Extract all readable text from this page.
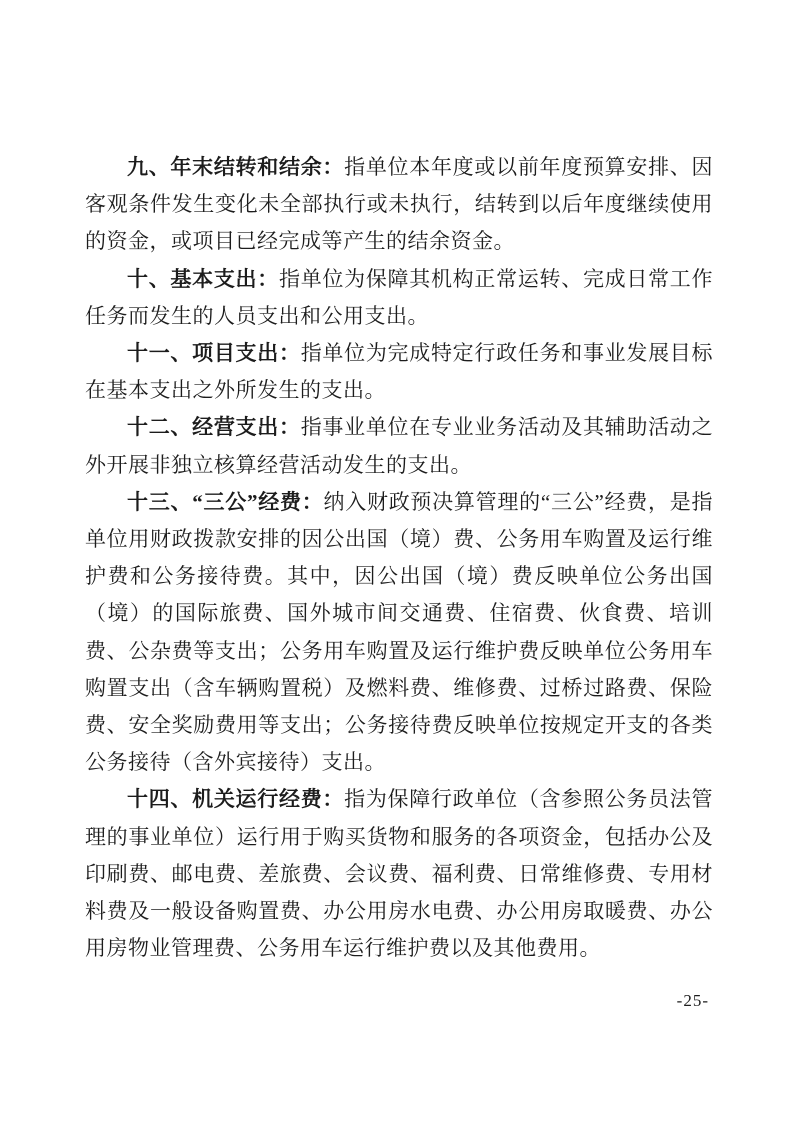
九、年末结转和结余：指单位本年度或以前年度预算安排、因客观条件发生变化未全部执行或未执行，结转到以后年度继续使用的资金，或项目已经完成等产生的结余资金。

十、基本支出：指单位为保障其机构正常运转、完成日常工作任务而发生的人员支出和公用支出。

十一、项目支出：指单位为完成特定行政任务和事业发展目标在基本支出之外所发生的支出。

十二、经营支出：指事业单位在专业业务活动及其辅助活动之外开展非独立核算经营活动发生的支出。

十三、“三公”经费：纳入财政预决算管理的“三公”经费，是指单位用财政拨款安排的因公出国（境）费、公务用车购置及运行维护费和公务接待费。其中，因公出国（境）费反映单位公务出国（境）的国际旅费、国外城市间交通费、住宿费、伙食费、培训费、公杂费等支出；公务用车购置及运行维护费反映单位公务用车购置支出（含车辆购置税）及燃料费、维修费、过桥过路费、保险费、安全奖励费用等支出；公务接待费反映单位按规定开支的各类公务接待（含外宾接待）支出。

十四、机关运行经费：指为保障行政单位（含参照公务员法管理的事业单位）运行用于购买货物和服务的各项资金，包括办公及印刷费、邮电费、差旅费、会议费、福利费、日常维修费、专用材料费及一般设备购置费、办公用房水电费、办公用房取暖费、办公用房物业管理费、公务用车运行维护费以及其他费用。

-25-
